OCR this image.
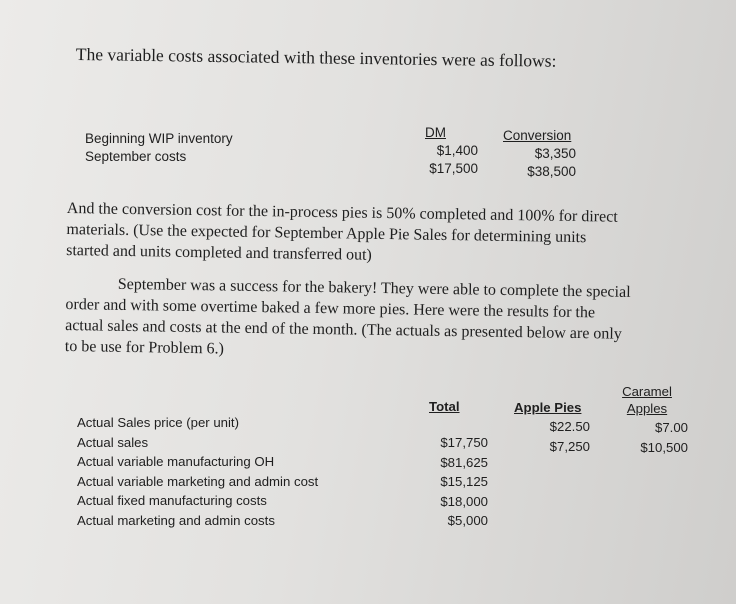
The variable costs associated with these inventories were as follows:
Beginning WIP inventory
September costs
DM
$1,400
$17,500
Conversion
$3,350
$38,500
And the conversion cost for the in-process pies is 50% completed and 100% for direct
materials. (Use the expected for September Apple Pie Sales for determining units
started and units completed and transferred out)
September was a success for the bakery! They were able to complete the special
order and with some overtime baked a few more pies. Here were the results for the
actual sales and costs at the end of the month. (The actuals as presented below are only
to be use for Problem 6.)
Total	Apple Pies
Caramel
Apples
Actual Sales price (per unit)
Actual sales
Actual variable manufacturing OH
Actual variable marketing and admin cost
Actual fixed manufacturing costs
Actual marketing and admin costs
$17,750
$81,625
$15,125
$18,000
$5,000
$22.50
$7,250
$7.00
$10,500
